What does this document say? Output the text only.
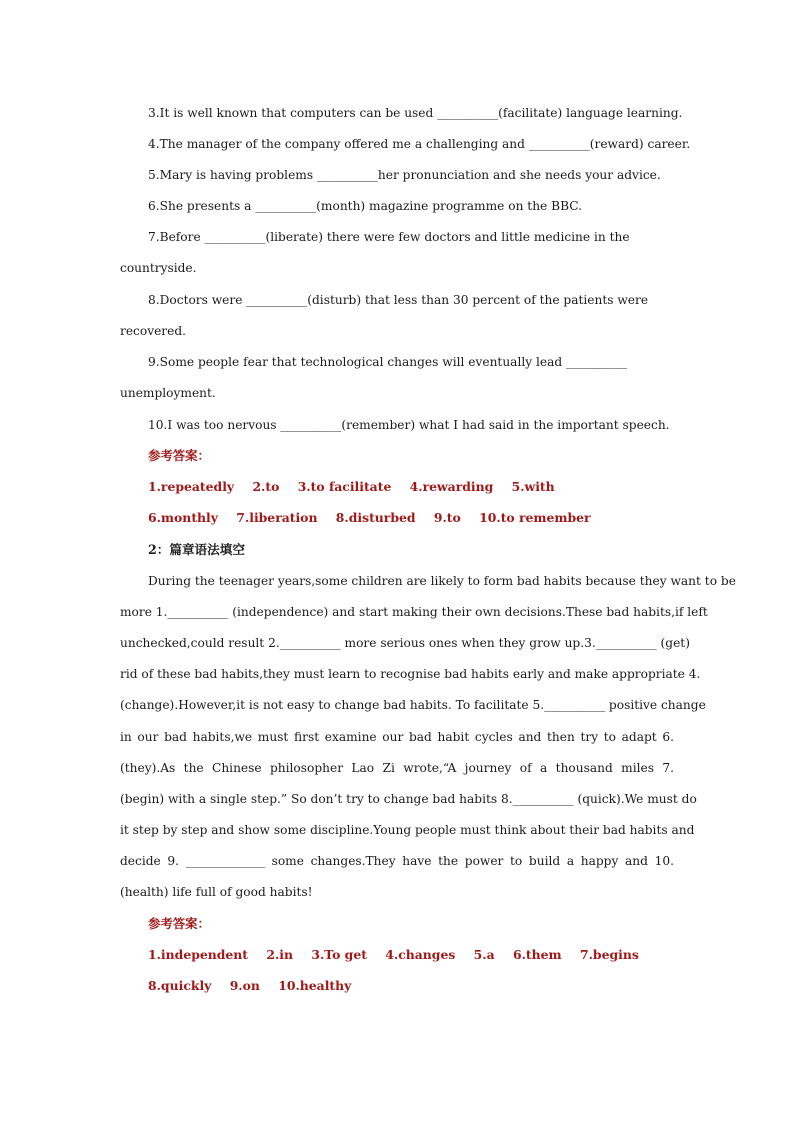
3.It is well known that computers can be used __________(facilitate) language learning.
4.The manager of the company offered me a challenging and __________(reward) career.
5.Mary is having problems __________her pronunciation and she needs your advice.
6.She presents a __________(month) magazine programme on the BBC.
7.Before __________(liberate) there were few doctors and little medicine in the
countryside.
8.Doctors were __________(disturb) that less than 30 percent of the patients were
recovered.
9.Some people fear that technological changes will eventually lead __________
unemployment.
10.I was too nervous __________(remember) what I had said in the important speech.
参考答案：
1.repeatedly 2.to 3.to facilitate 4.rewarding 5.with
6.monthly 7.liberation 8.disturbed 9.to 10.to remember
2：篇章语法填空
During the teenager years,some children are likely to form bad habits because they want to be
more 1.__________ (independence) and start making their own decisions.These bad habits,if left
unchecked,could result 2.__________ more serious ones when they grow up.3.__________ (get)
rid of these bad habits,they must learn to recognise bad habits early and make appropriate 4.
(change).However,it is not easy to change bad habits. To facilitate 5.__________ positive change
in our bad habits,we must first examine our bad habit cycles and then try to adapt 6.
(they).As the Chinese philosopher Lao Zi wrote,“A journey of a thousand miles 7.
(begin) with a single step.” So don’t try to change bad habits 8.__________ (quick).We must do
it step by step and show some discipline.Young people must think about their bad habits and
decide 9. _____________ some changes.They have the power to build a happy and 10.
(health) life full of good habits!
参考答案：
1.independent 2.in 3.To get 4.changes 5.a 6.them 7.begins
8.quickly 9.on 10.healthy
